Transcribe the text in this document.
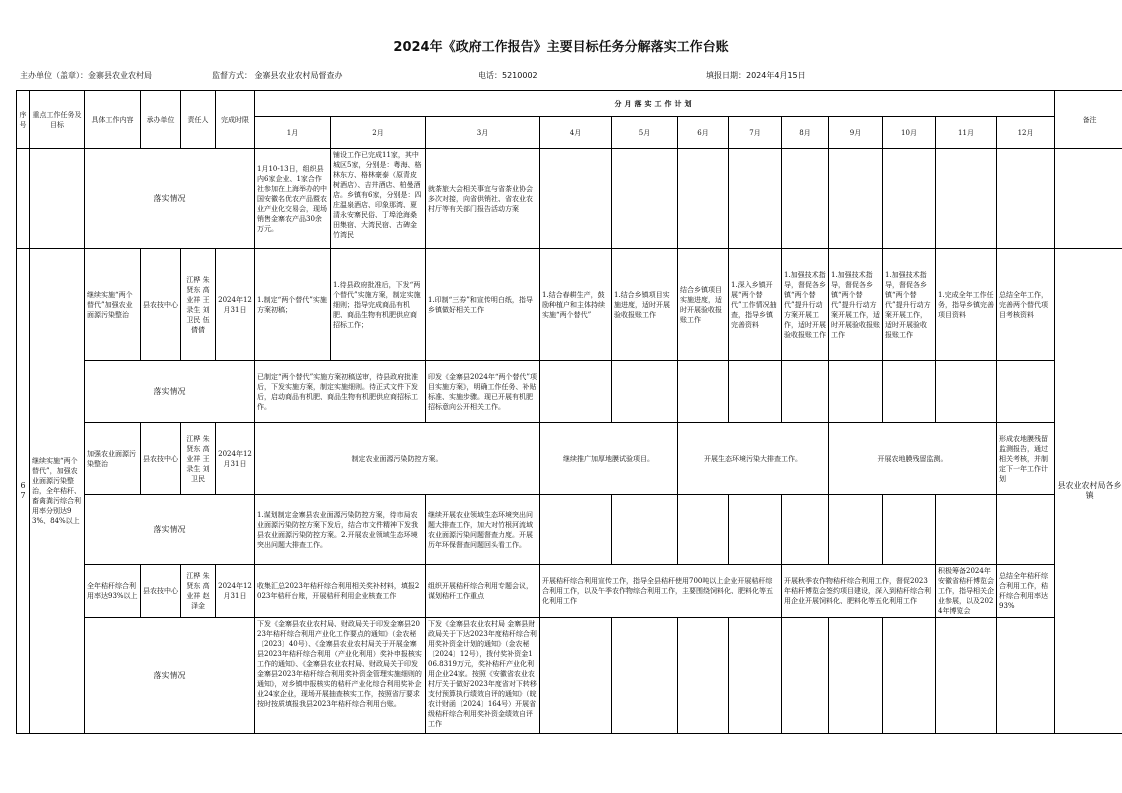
2024年《政府工作报告》主要目标任务分解落实工作台账
主办单位（盖章）：金寨县农业农村局	监督方式： 金寨县农业农村局督查办	电话：5210002	填报日期：2024年4月15日
序号	重点工作任务及目标	具体工作内容	承办单位	责任人	完成时限	分月落实工作计划												备注
						1月	2月	3月	4月	5月	6月	7月	8月	9月	10月	11月	12月	
		落实情况				1月10-13日，组织县内6家企业、1家合作社参加在上海举办的中国安徽名优农产品暨农业产业化交易会，现场销售金寨农产品30余万元。	铺设工作已完成11家，其中城区5家，分别是：粤海、格林东方、格林豪泰（原青皮树酒店）、吉井酒店、柏曼酒店。乡镇有6家，分别是：四庄温泉酒店、印象那湾、夏清永安寨民俗、丁埠沧海桑田集宿、大湾民宿、古碑金竹湾民	就茶旅大会相关事宜与省茶业协会多次对接，向省供销社、省农业农村厅等有关部门报告活动方案										
67	继续实施“两个替代”，加强农业面源污染整治，全年秸秆、畜禽粪污综合利用率分别达93%、84%以上	继续实施“两个替代”加强农业面源污染整治	县农技中心	江桦 朱贤东 高业祥 王录生 刘卫民 伍倩倩	2024年12月31日	1.制定“两个替代”实施方案初稿；	1.待县政府批准后，下发“两个替代”实施方案，制定实施细则；指导完成商品有机肥、商品生物有机肥供应商招标工作；	1.印制“三券”和宣传明白纸，指导乡镇做好相关工作	1.结合春耕生产，鼓励种植户和主体持续实施“两个替代”	1.结合乡镇项目实施进度，适时开展验收报账工作	结合乡镇项目实施进度，适时开展验收报账工作	1.深入乡镇开展“两个替代”工作情况抽查，指导乡镇完善资料	1.加强技术指导，督促各乡镇“两个替代”提升行动方案开展工作，适时开展验收报账工作	1.加强技术指导，督促各乡镇“两个替代”提升行动方案开展工作，适时开展验收报账工作	1.加强技术指导，督促各乡镇“两个替代”提升行动方案开展工作，适时开展验收报账工作	1.完成全年工作任务，指导乡镇完善项目资料	总结全年工作，完善两个替代项目考核资料	县农业农村局各乡镇
		落实情况				已制定“两个替代”实施方案初稿送审，待县政府批准后，下发实施方案，制定实施细则。待正式文件下发后，启动商品有机肥、商品生物有机肥供应商招标工作。		印发《金寨县2024年“两个替代”项目实施方案》，明确工作任务、补贴标准、实施步骤。现已开展有机肥招标意向公开相关工作。										
		加强农业面源污染整治	县农技中心	江桦 朱贤东 高业祥 王录生 刘卫民	2024年12月31日	制定农业面源污染防控方案。			继续推广加厚地膜试验项目。		开展生态环境污染大排查工作。			开展农地膜残留监测。			形成农地膜残留监测报告，通过相关考核，并制定下一年工作计划	
		落实情况				1.谋划制定金寨县农业面源污染防控方案，待市局农业面源污染防控方案下发后，结合市文件精神下发我县农业面源污染防控方案。2.开展农业领域生态环境突出问题大排查工作。		继续开展农业领域生态环境突出问题大排查工作，加大对竹根河流域农业面源污染问题督查力度。开展历年环保督查问题回头看工作。										
		全年秸秆综合利用率达93%以上	县农技中心	江桦 朱贤东 高业祥 赵泽金	2024年12月31日	收集汇总2023年秸秆综合利用相关奖补材料，填报2023年秸秆台账，开展秸秆利用企业核查工作		组织开展秸秆综合利用专题会议，谋划秸秆工作重点	开展秸秆综合利用宣传工作，指导全县秸秆使用700吨以上企业开展秸秆综合利用工作，以及午季农作物综合利用工作，主要围绕饲料化、肥料化等五化利用工作				开展秋季农作物秸秆综合利用工作，督促2023年秸秆博览会签约项目建设，深入到秸秆综合利用企业开展饲料化、肥料化等五化利用工作			积极筹备2024年安徽省秸秆博览会工作，指导相关企业参展，以及2024年博览会	总结全年秸秆综合利用工作，秸秆综合利用率达93%	
		落实情况				下发《金寨县农业农村局、财政局关于印发金寨县2023年秸秆综合利用产业化工作要点的通知》（金农秘〔2023〕40号）、《金寨县农业农村局关于开展金寨县2023年秸秆综合利用（产业化利用）奖补申报核实工作的通知》、《金寨县农业农村局、财政局关于印发金寨县2023年秸秆综合利用奖补资金管理实施细则的通知》，对乡镇申报核实的秸秆产业化综合利用奖补企业24家企业，现场开展抽查核实工作，按照省厅要求按时按质填报我县2023年秸秆综合利用台账。		下发《金寨县农业农村局 金寨县财政局关于下达2023年度秸秆综合利用奖补资金计划的通知》（金农秘〔2024〕12号），拨付奖补资金106.8319万元，奖补秸秆产业化利用企业24家。按照《安徽省农业农村厅关于做好2023年度省对下转移支付预算执行绩效自评的通知》（皖农计财函〔2024〕164号）开展省级秸秆综合利用奖补资金绩效自评工作										
